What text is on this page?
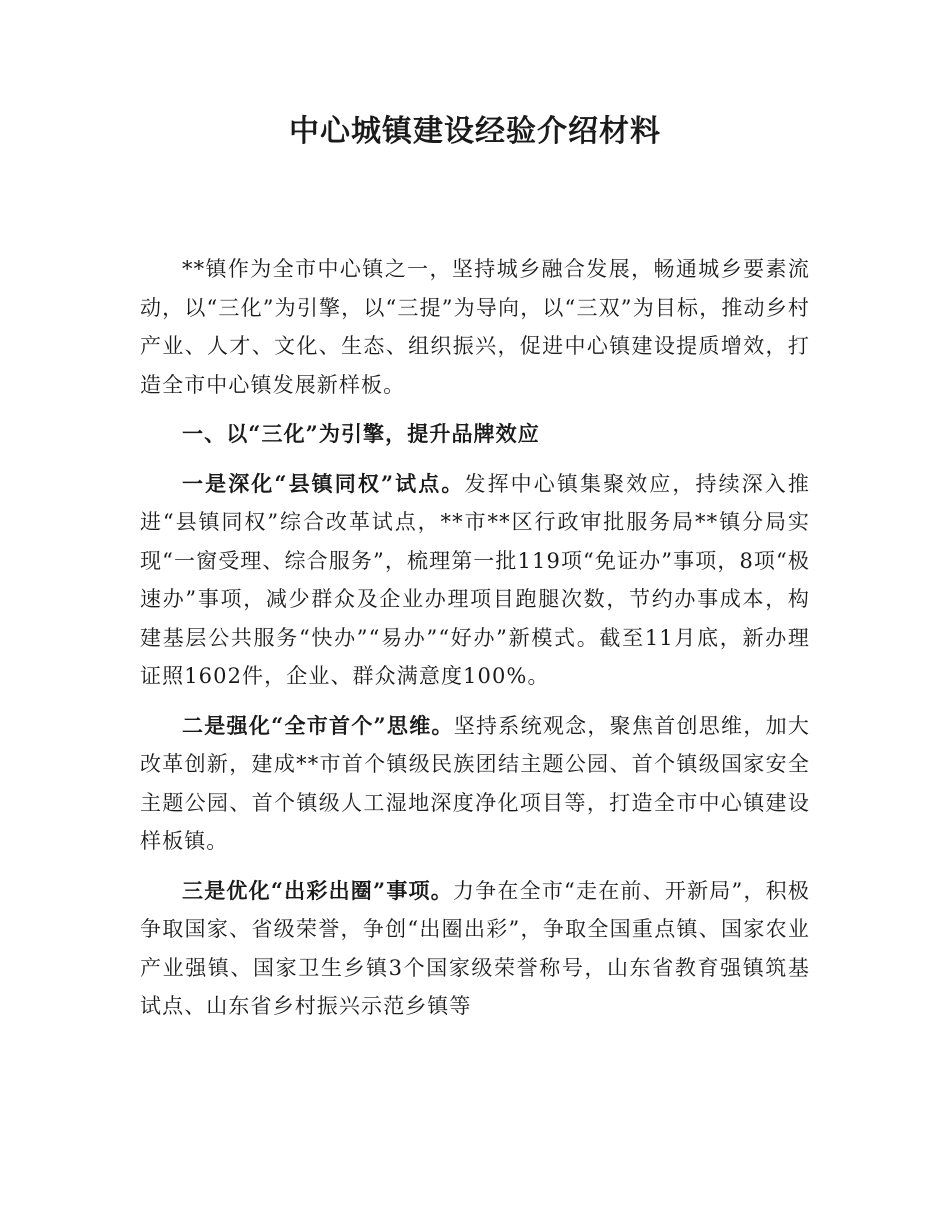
中心城镇建设经验介绍材料

**镇作为全市中心镇之一，坚持城乡融合发展，畅通城乡要素流动，以“三化”为引擎，以“三提”为导向，以“三双”为目标，推动乡村产业、人才、文化、生态、组织振兴，促进中心镇建设提质增效，打造全市中心镇发展新样板。

一、以“三化”为引擎，提升品牌效应

一是深化“县镇同权”试点。发挥中心镇集聚效应，持续深入推进“县镇同权”综合改革试点，**市**区行政审批服务局**镇分局实现“一窗受理、综合服务”，梳理第一批119项“免证办”事项，8项“极速办”事项，减少群众及企业办理项目跑腿次数，节约办事成本，构建基层公共服务“快办”“易办”“好办”新模式。截至11月底，新办理证照1602件，企业、群众满意度100%。

二是强化“全市首个”思维。坚持系统观念，聚焦首创思维，加大改革创新，建成**市首个镇级民族团结主题公园、首个镇级国家安全主题公园、首个镇级人工湿地深度净化项目等，打造全市中心镇建设样板镇。

三是优化“出彩出圈”事项。力争在全市“走在前、开新局”，积极争取国家、省级荣誉，争创“出圈出彩”，争取全国重点镇、国家农业产业强镇、国家卫生乡镇3个国家级荣誉称号，山东省教育强镇筑基试点、山东省乡村振兴示范乡镇等
